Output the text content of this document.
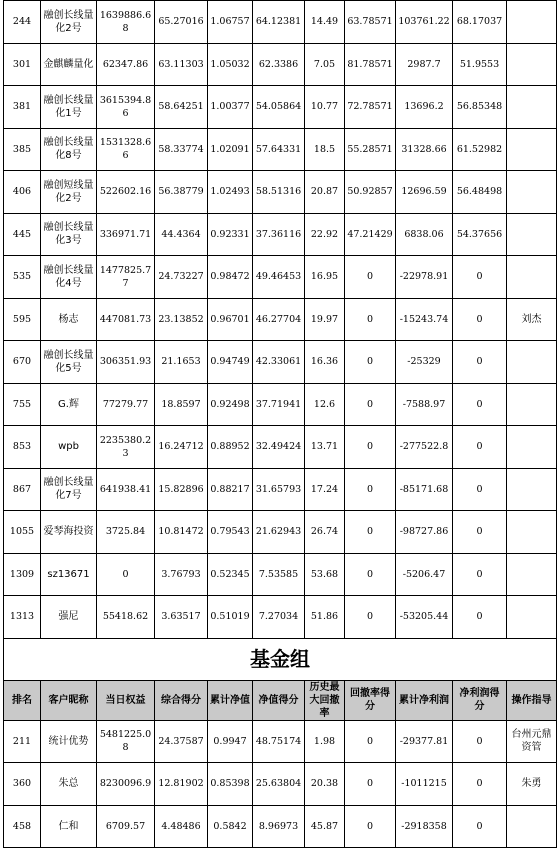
244	融创长线量化2号	1639886.68	65.27016	1.06757	64.12381	14.49	63.78571	103761.22	68.17037	
301	金麒麟量化	62347.86	63.11303	1.05032	62.3386	7.05	81.78571	2987.7	51.9553	
381	融创长线量化1号	3615394.86	58.64251	1.00377	54.05864	10.77	72.78571	13696.2	56.85348	
385	融创长线量化8号	1531328.66	58.33774	1.02091	57.64331	18.5	55.28571	31328.66	61.52982	
406	融创短线量化2号	522602.16	56.38779	1.02493	58.51316	20.87	50.92857	12696.59	56.48498	
445	融创长线量化3号	336971.71	44.4364	0.92331	37.36116	22.92	47.21429	6838.06	54.37656	
535	融创长线量化4号	1477825.77	24.73227	0.98472	49.46453	16.95	0	-22978.91	0	
595	杨志	447081.73	23.13852	0.96701	46.27704	19.97	0	-15243.74	0	刘杰
670	融创长线量化5号	306351.93	21.1653	0.94749	42.33061	16.36	0	-25329	0	
755	G.辉	77279.77	18.8597	0.92498	37.71941	12.6	0	-7588.97	0	
853	wpb	2235380.23	16.24712	0.88952	32.49424	13.71	0	-277522.8	0	
867	融创长线量化7号	641938.41	15.82896	0.88217	31.65793	17.24	0	-85171.68	0	
1055	爱琴海投资	3725.84	10.81472	0.79543	21.62943	26.74	0	-98727.86	0	
1309	sz13671	0	3.76793	0.52345	7.53585	53.68	0	-5206.47	0	
1313	强尼	55418.62	3.63517	0.51019	7.27034	51.86	0	-53205.44	0	
基金组										
排名	客户昵称	当日权益	综合得分	累计净值	净值得分	历史最大回撤率	回撤率得分	累计净利润	净利润得分	操作指导
211	统计优势	5481225.08	24.37587	0.9947	48.75174	1.98	0	-29377.81	0	台州元鼎资管
360	朱总	8230096.9	12.81902	0.85398	25.63804	20.38	0	-1011215	0	朱勇
458	仁和	6709.57	4.48486	0.5842	8.96973	45.87	0	-2918358	0	
